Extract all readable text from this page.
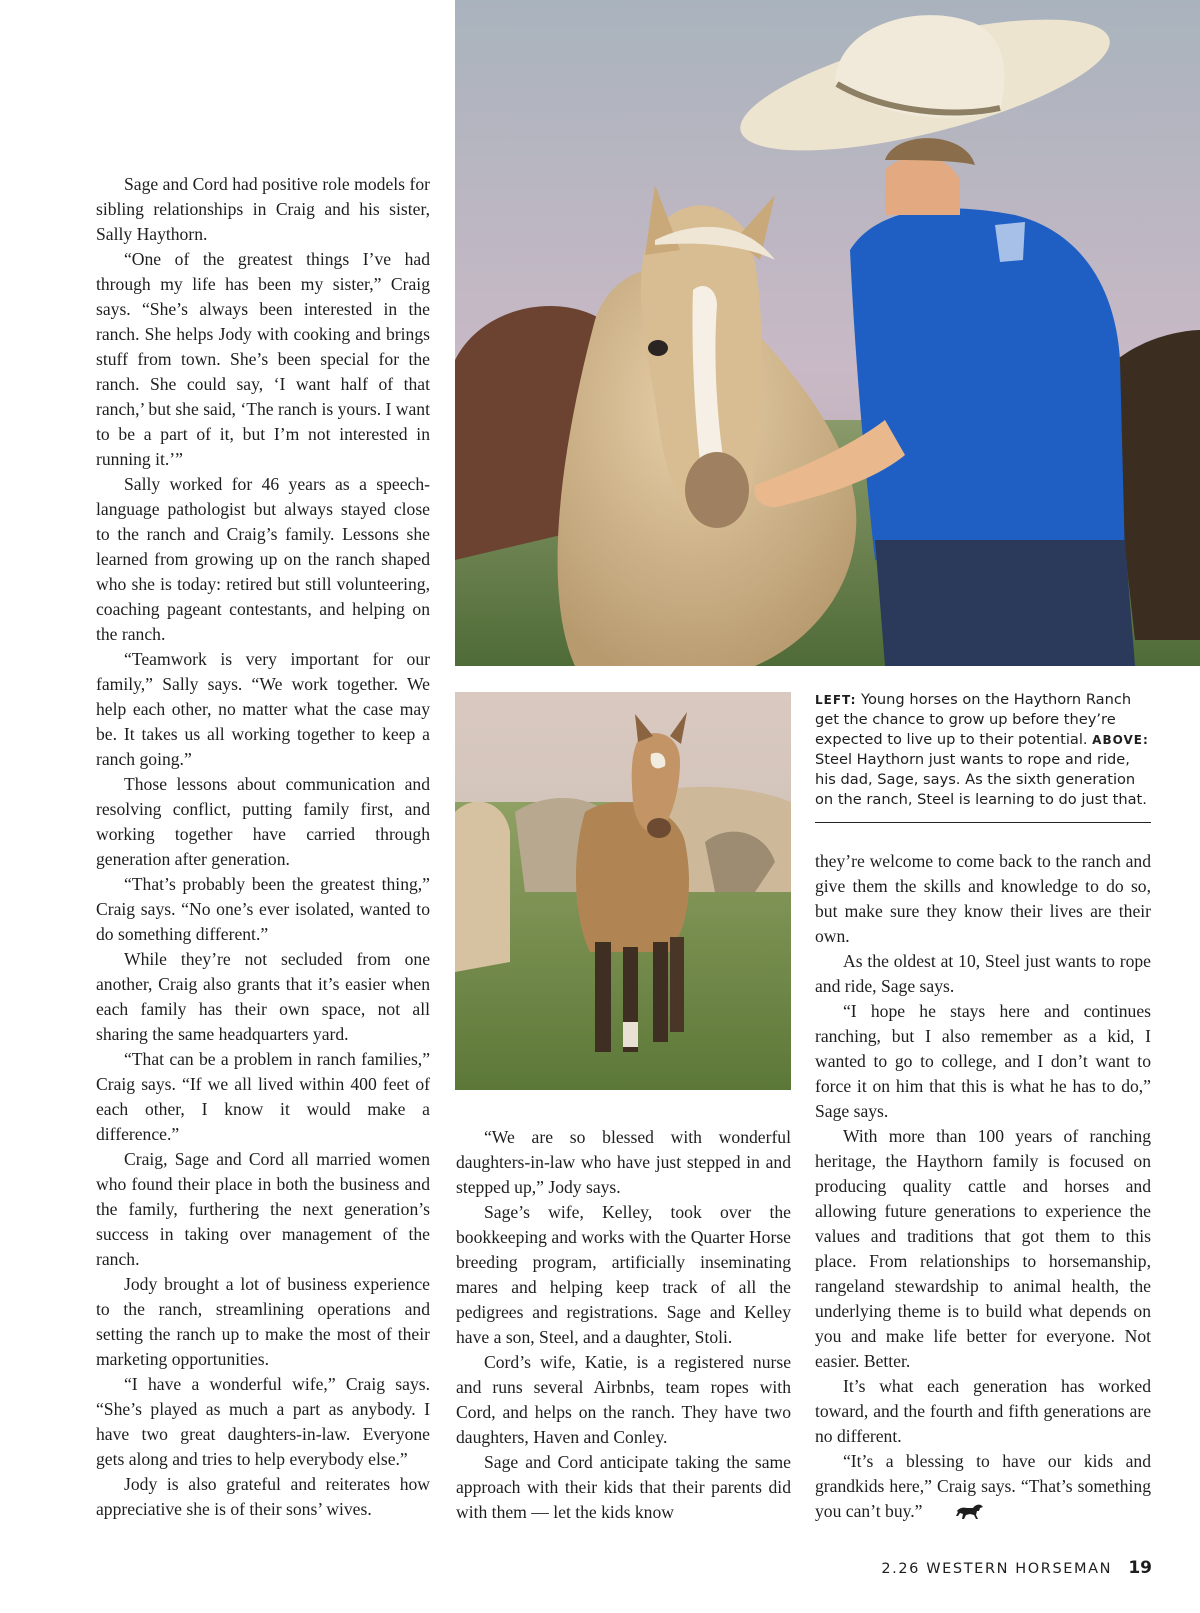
Sage and Cord had positive role models for sibling relationships in Craig and his sister, Sally Haythorn.

“One of the greatest things I’ve had through my life has been my sister,” Craig says. “She’s always been interested in the ranch. She helps Jody with cooking and brings stuff from town. She’s been special for the ranch. She could say, ‘I want half of that ranch,’ but she said, ‘The ranch is yours. I want to be a part of it, but I’m not interested in running it.’”

Sally worked for 46 years as a speech-language pathologist but always stayed close to the ranch and Craig’s family. Lessons she learned from growing up on the ranch shaped who she is today: retired but still volunteering, coaching pageant contestants, and helping on the ranch.

“Teamwork is very important for our family,” Sally says. “We work together. We help each other, no matter what the case may be. It takes us all working together to keep a ranch going.”

Those lessons about communication and resolving conflict, putting family first, and working together have carried through generation after generation.

“That’s probably been the greatest thing,” Craig says. “No one’s ever isolated, wanted to do something different.”

While they’re not secluded from one another, Craig also grants that it’s easier when each family has their own space, not all sharing the same headquarters yard.

“That can be a problem in ranch families,” Craig says. “If we all lived within 400 feet of each other, I know it would make a difference.”

Craig, Sage and Cord all married women who found their place in both the business and the family, furthering the next generation’s success in taking over management of the ranch.

Jody brought a lot of business experience to the ranch, streamlining operations and setting the ranch up to make the most of their marketing opportunities.

“I have a wonderful wife,” Craig says. “She’s played as much a part as anybody. I have two great daughters-in-law. Everyone gets along and tries to help everybody else.”

Jody is also grateful and reiterates how appreciative she is of their sons’ wives.

“We are so blessed with wonderful daughters-in-law who have just stepped in and stepped up,” Jody says.

Sage’s wife, Kelley, took over the bookkeeping and works with the Quarter Horse breeding program, artificially inseminating mares and helping keep track of all the pedigrees and registrations. Sage and Kelley have a son, Steel, and a daughter, Stoli.

Cord’s wife, Katie, is a registered nurse and runs several Airbnbs, team ropes with Cord, and helps on the ranch. They have two daughters, Haven and Conley.

Sage and Cord anticipate taking the same approach with their kids that their parents did with them — let the kids know

LEFT: Young horses on the Haythorn Ranch get the chance to grow up before they’re expected to live up to their potential. ABOVE: Steel Haythorn just wants to rope and ride, his dad, Sage, says. As the sixth generation on the ranch, Steel is learning to do just that.

they’re welcome to come back to the ranch and give them the skills and knowledge to do so, but make sure they know their lives are their own.

As the oldest at 10, Steel just wants to rope and ride, Sage says.

“I hope he stays here and continues ranching, but I also remember as a kid, I wanted to go to college, and I don’t want to force it on him that this is what he has to do,” Sage says.

With more than 100 years of ranching heritage, the Haythorn family is focused on producing quality cattle and horses and allowing future generations to experience the values and traditions that got them to this place. From relationships to horsemanship, rangeland stewardship to animal health, the underlying theme is to build what depends on you and make life better for everyone. Not easier. Better.

It’s what each generation has worked toward, and the fourth and fifth generations are no different.

“It’s a blessing to have our kids and grandkids here,” Craig says. “That’s something you can’t buy.”

2.26 WESTERN HORSEMAN 19
